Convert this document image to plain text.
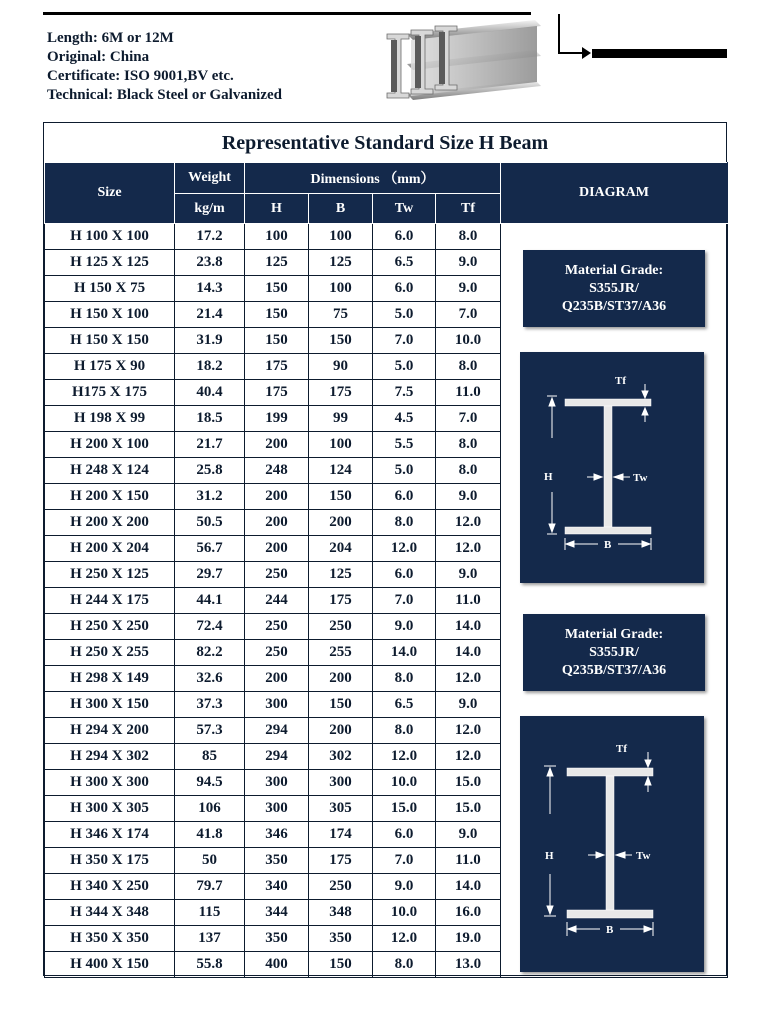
Length: 6M or 12M
Original: China
Certificate: ISO 9001,BV etc.
Technical: Black Steel or Galvanized
Representative Standard Size H Beam
Size	Weight	Dimensions （mm）				DIAGRAM
	kg/m	H	B	Tw	Tf	
H 100 X 100	17.2	100	100	6.0	8.0	
H 125 X 125	23.8	125	125	6.5	9.0	
H 150 X 75	14.3	150	100	6.0	9.0	
H 150 X 100	21.4	150	75	5.0	7.0	
H 150 X 150	31.9	150	150	7.0	10.0	
H 175 X 90	18.2	175	90	5.0	8.0	
H175 X 175	40.4	175	175	7.5	11.0	
H 198 X 99	18.5	199	99	4.5	7.0	
H 200 X 100	21.7	200	100	5.5	8.0	
H 248 X 124	25.8	248	124	5.0	8.0	
H 200 X 150	31.2	200	150	6.0	9.0	
H 200 X 200	50.5	200	200	8.0	12.0	
H 200 X 204	56.7	200	204	12.0	12.0	
H 250 X 125	29.7	250	125	6.0	9.0	
H 244 X 175	44.1	244	175	7.0	11.0	
H 250 X 250	72.4	250	250	9.0	14.0	
H 250 X 255	82.2	250	255	14.0	14.0	
H 298 X 149	32.6	200	200	8.0	12.0	
H 300 X 150	37.3	300	150	6.5	9.0	
H 294 X 200	57.3	294	200	8.0	12.0	
H 294 X 302	85	294	302	12.0	12.0	
H 300 X 300	94.5	300	300	10.0	15.0	
H 300 X 305	106	300	305	15.0	15.0	
H 346 X 174	41.8	346	174	6.0	9.0	
H 350 X 175	50	350	175	7.0	11.0	
H 340 X 250	79.7	340	250	9.0	14.0	
H 344 X 348	115	344	348	10.0	16.0	
H 350 X 350	137	350	350	12.0	19.0	
H 400 X 150	55.8	400	150	8.0	13.0	
Material Grade:
S355JR/
Q235B/ST37/A36
Tf
Tw
H
B
Material Grade:
S355JR/
Q235B/ST37/A36
Tf
Tw
H
B
